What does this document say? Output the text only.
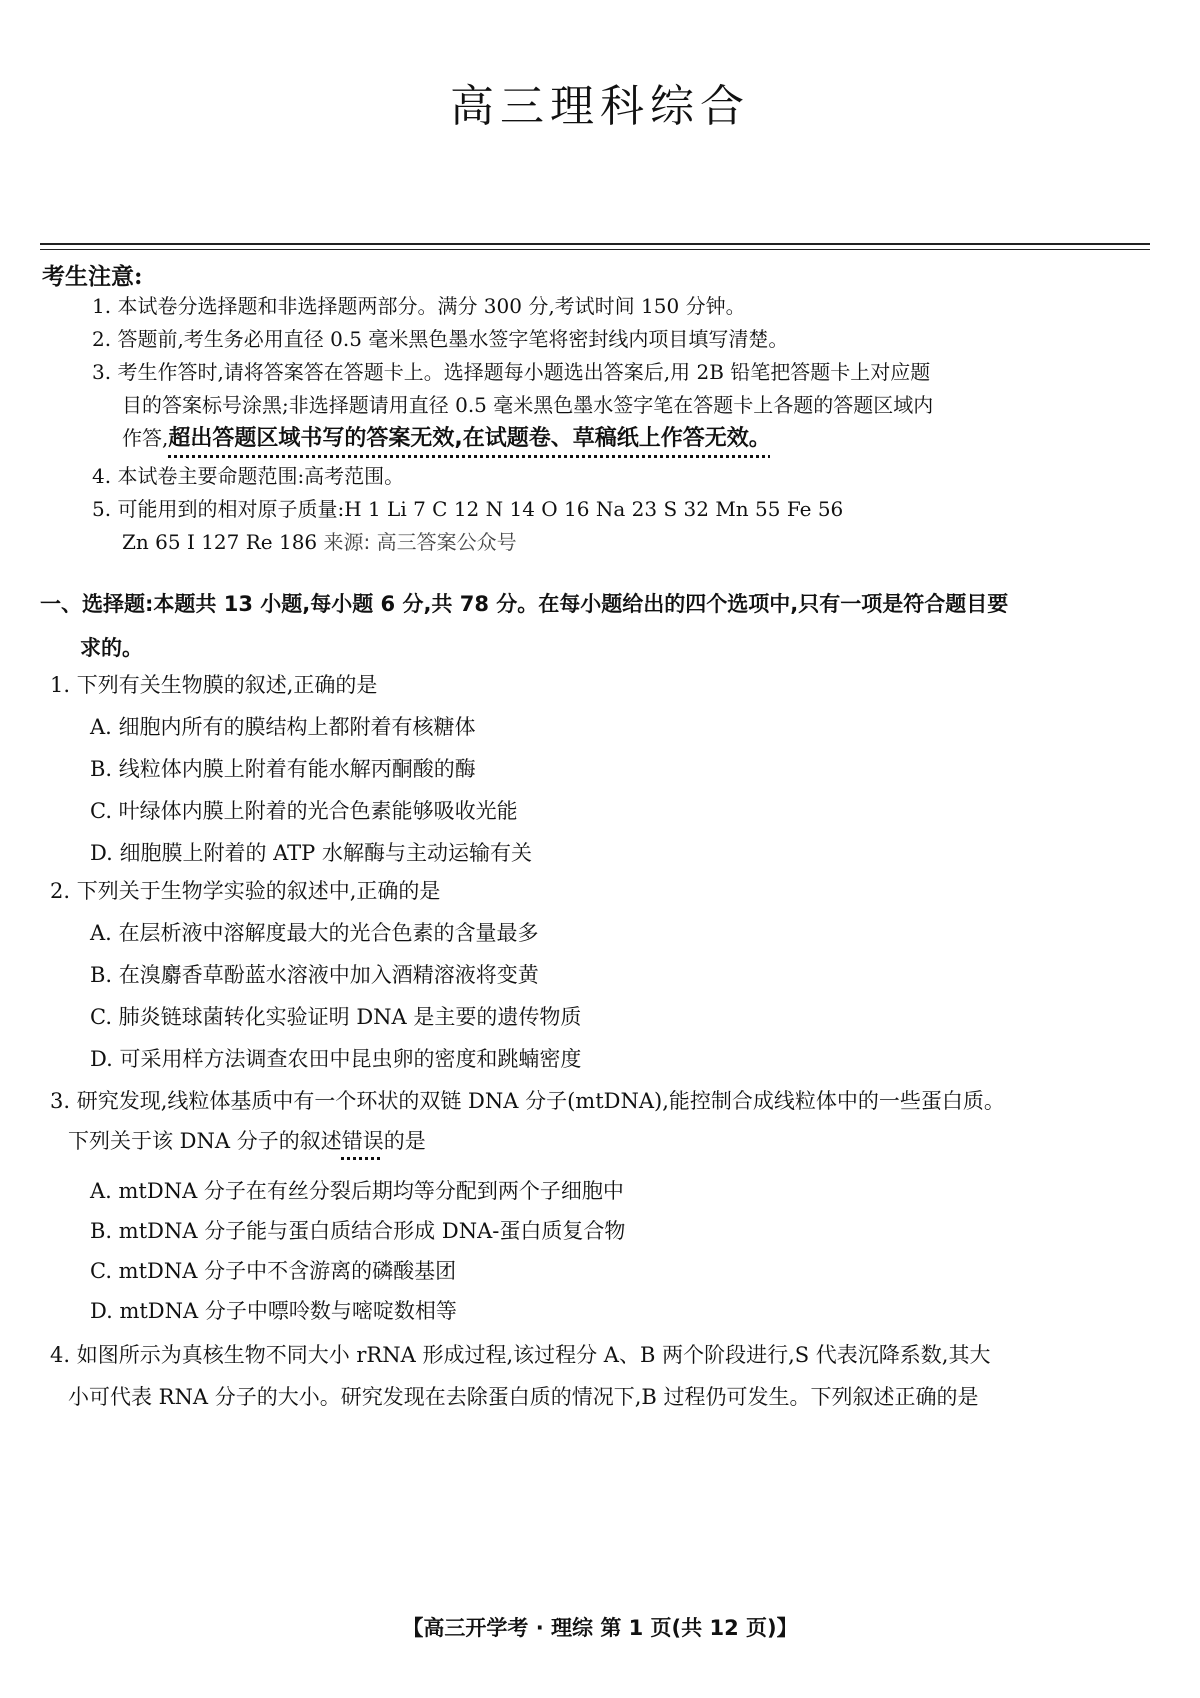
高三理科综合
考生注意:
1. 本试卷分选择题和非选择题两部分。满分 300 分,考试时间 150 分钟。
2. 答题前,考生务必用直径 0.5 毫米黑色墨水签字笔将密封线内项目填写清楚。
3. 考生作答时,请将答案答在答题卡上。选择题每小题选出答案后,用 2B 铅笔把答题卡上对应题
目的答案标号涂黑;非选择题请用直径 0.5 毫米黑色墨水签字笔在答题卡上各题的答题区域内
作答,超出答题区域书写的答案无效,在试题卷、草稿纸上作答无效。
4. 本试卷主要命题范围:高考范围。
5. 可能用到的相对原子质量:H 1 Li 7 C 12 N 14 O 16 Na 23 S 32 Mn 55 Fe 56
Zn 65 I 127 Re 186 来源: 高三答案公众号
一、选择题:本题共 13 小题,每小题 6 分,共 78 分。在每小题给出的四个选项中,只有一项是符合题目要
求的。
1. 下列有关生物膜的叙述,正确的是
A. 细胞内所有的膜结构上都附着有核糖体
B. 线粒体内膜上附着有能水解丙酮酸的酶
C. 叶绿体内膜上附着的光合色素能够吸收光能
D. 细胞膜上附着的 ATP 水解酶与主动运输有关
2. 下列关于生物学实验的叙述中,正确的是
A. 在层析液中溶解度最大的光合色素的含量最多
B. 在溴麝香草酚蓝水溶液中加入酒精溶液将变黄
C. 肺炎链球菌转化实验证明 DNA 是主要的遗传物质
D. 可采用样方法调查农田中昆虫卵的密度和跳蝻密度
3. 研究发现,线粒体基质中有一个环状的双链 DNA 分子(mtDNA),能控制合成线粒体中的一些蛋白质。
下列关于该 DNA 分子的叙述错误的是
A. mtDNA 分子在有丝分裂后期均等分配到两个子细胞中
B. mtDNA 分子能与蛋白质结合形成 DNA-蛋白质复合物
C. mtDNA 分子中不含游离的磷酸基团
D. mtDNA 分子中嘌呤数与嘧啶数相等
4. 如图所示为真核生物不同大小 rRNA 形成过程,该过程分 A、B 两个阶段进行,S 代表沉降系数,其大
小可代表 RNA 分子的大小。研究发现在去除蛋白质的情况下,B 过程仍可发生。下列叙述正确的是
【高三开学考 · 理综 第 1 页(共 12 页)】
